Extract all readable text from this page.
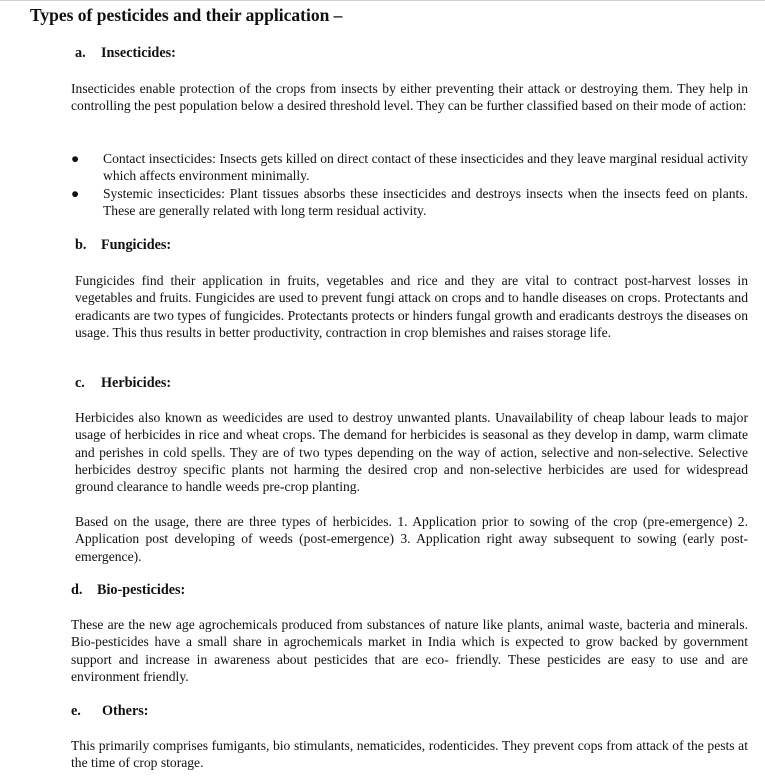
Types of pesticides and their application –
a. Insecticides:
Insecticides enable protection of the crops from insects by either preventing their attack or destroying them. They help in controlling the pest population below a desired threshold level. They can be further classified based on their mode of action:
● Contact insecticides: Insects gets killed on direct contact of these insecticides and they leave marginal residual activity which affects environment minimally.
● Systemic insecticides: Plant tissues absorbs these insecticides and destroys insects when the insects feed on plants. These are generally related with long term residual activity.
b. Fungicides:
Fungicides find their application in fruits, vegetables and rice and they are vital to contract post-harvest losses in vegetables and fruits. Fungicides are used to prevent fungi attack on crops and to handle diseases on crops. Protectants and eradicants are two types of fungicides. Protectants protects or hinders fungal growth and eradicants destroys the diseases on usage. This thus results in better productivity, contraction in crop blemishes and raises storage life.
c. Herbicides:
Herbicides also known as weedicides are used to destroy unwanted plants. Unavailability of cheap labour leads to major usage of herbicides in rice and wheat crops. The demand for herbicides is seasonal as they develop in damp, warm climate and perishes in cold spells. They are of two types depending on the way of action, selective and non-selective. Selective herbicides destroy specific plants not harming the desired crop and non-selective herbicides are used for widespread ground clearance to handle weeds pre-crop planting.
Based on the usage, there are three types of herbicides. 1. Application prior to sowing of the crop (pre-emergence) 2. Application post developing of weeds (post-emergence) 3. Application right away subsequent to sowing (early post-emergence).
d. Bio-pesticides:
These are the new age agrochemicals produced from substances of nature like plants, animal waste, bacteria and minerals. Bio-pesticides have a small share in agrochemicals market in India which is expected to grow backed by government support and increase in awareness about pesticides that are eco- friendly. These pesticides are easy to use and are environment friendly.
e. Others:
This primarily comprises fumigants, bio stimulants, nematicides, rodenticides. They prevent cops from attack of the pests at the time of crop storage.
